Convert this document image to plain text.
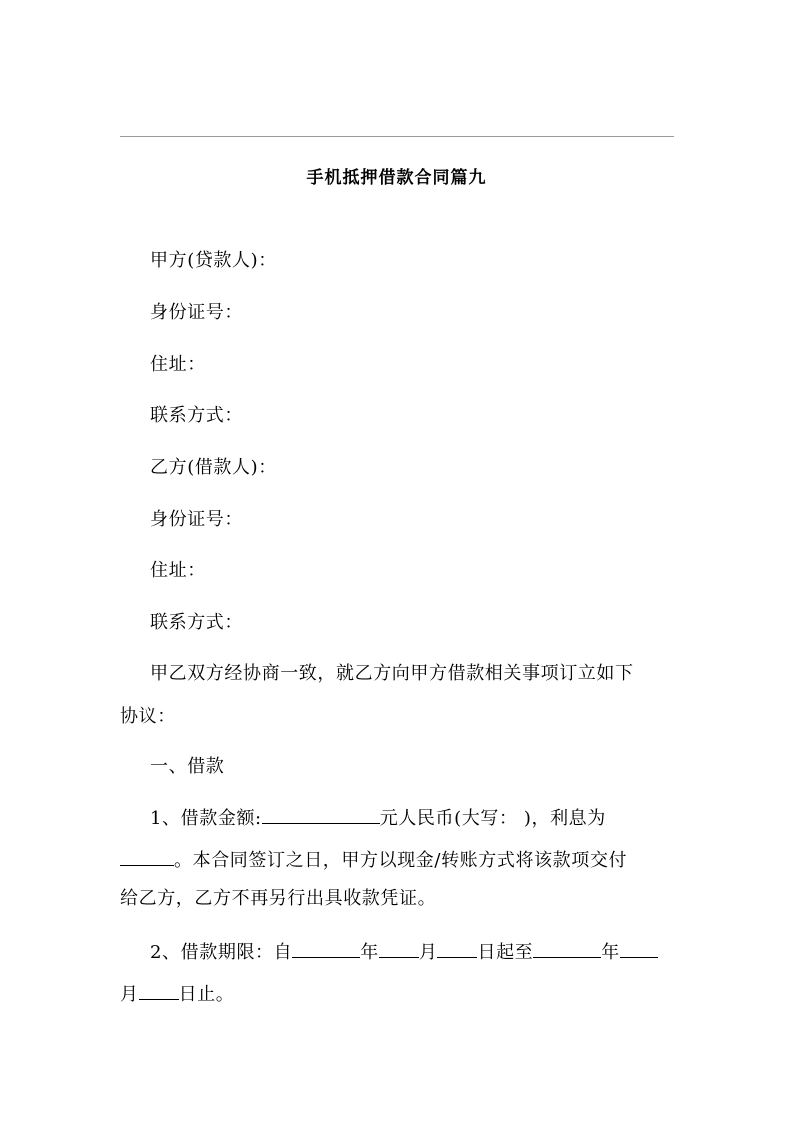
手机抵押借款合同篇九
甲方(贷款人)：
身份证号：
住址：
联系方式：
乙方(借款人)：
身份证号：
住址：
联系方式：
甲乙双方经协商一致，就乙方向甲方借款相关事项订立如下
协议：
一、借款
1、借款金额:	元人民币(大写： )，利息为
。本合同签订之日，甲方以现金/转账方式将该款项交付
给乙方，乙方不再另行出具收款凭证。
2、借款期限：自	年 月 日起至	年
月 日止。
